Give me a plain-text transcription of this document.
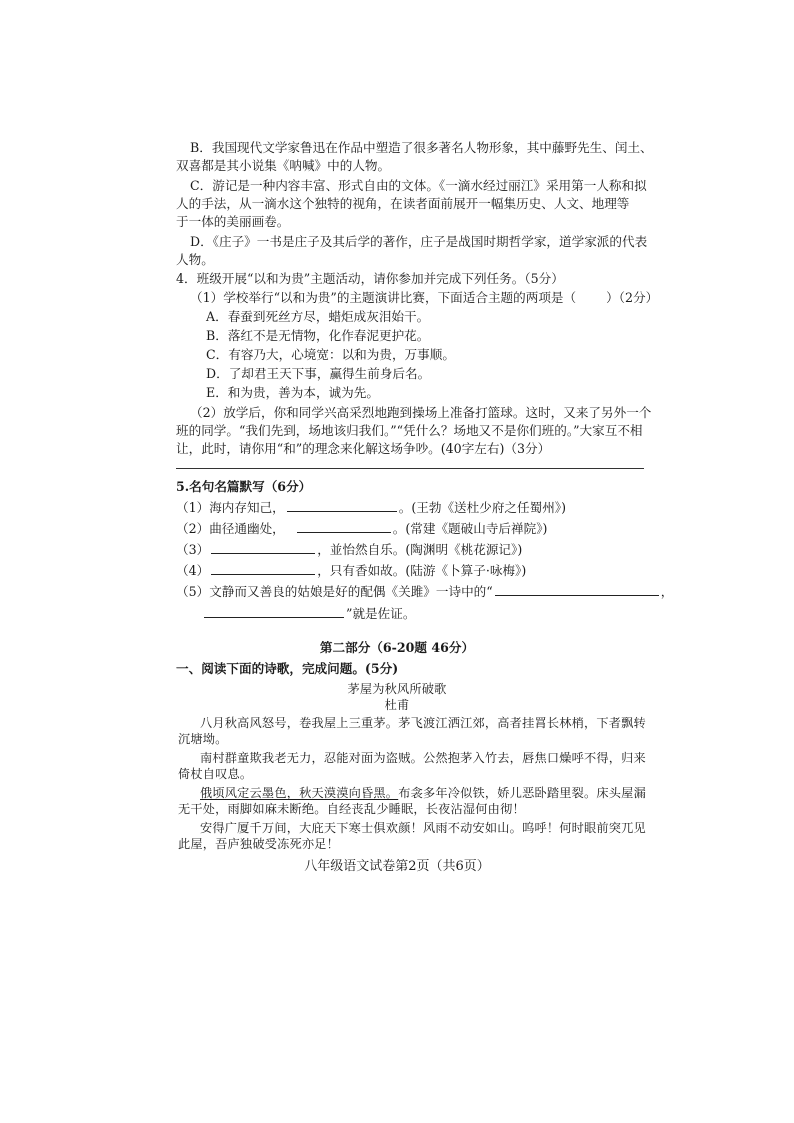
B．我国现代文学家鲁迅在作品中塑造了很多著名人物形象，其中藤野先生、闰土、
双喜都是其小说集《呐喊》中的人物。
C．游记是一种内容丰富、形式自由的文体。《一滴水经过丽江》采用第一人称和拟
人的手法，从一滴水这个独特的视角，在读者面前展开一幅集历史、人文、地理等
于一体的美丽画卷。
D．《庄子》一书是庄子及其后学的著作，庄子是战国时期哲学家，道学家派的代表
人物。
4．班级开展“以和为贵”主题活动，请你参加并完成下列任务。（5分）
（1）学校举行“以和为贵”的主题演讲比赛，下面适合主题的两项是（ ）（2分）
A．春蚕到死丝方尽，蜡炬成灰泪始干。
B．落红不是无情物，化作春泥更护花。
C．有容乃大，心境宽：以和为贵，万事顺。
D．了却君王天下事，赢得生前身后名。
E．和为贵，善为本，诚为先。
（2）放学后，你和同学兴高采烈地跑到操场上准备打篮球。这时，又来了另外一个
班的同学。“我们先到，场地该归我们。”“凭什么？场地又不是你们班的。”大家互不相
让，此时，请你用“和”的理念来化解这场争吵。(40字左右)（3分）
5.名句名篇默写（6分）
（1）海内存知己，	。(王勃《送杜少府之任蜀州》)
（2）曲径通幽处，	。(常建《题破山寺后禅院》)
（3）	，並怡然自乐。(陶渊明《桃花源记》)
（4）	，只有香如故。(陆游《卜算子·咏梅》)
（5）文静而又善良的姑娘是好的配偶《关雎》一诗中的“	，
”就是佐证。
第二部分（6-20题 46分）
一、阅读下面的诗歌，完成问题。(5分)
茅屋为秋风所破歌
杜甫
八月秋高风怒号，卷我屋上三重茅。茅飞渡江洒江郊，高者挂罥长林梢，下者飘转
沉塘坳。
南村群童欺我老无力，忍能对面为盗贼。公然抱茅入竹去，唇焦口燥呼不得，归来
倚杖自叹息。
俄顷风定云墨色，秋天漠漠向昏黑。布衾多年冷似铁，娇儿恶卧踏里裂。床头屋漏
无干处，雨脚如麻未断绝。自经丧乱少睡眠，长夜沾湿何由彻！
安得广厦千万间，大庇天下寒士俱欢颜！风雨不动安如山。呜呼！何时眼前突兀见
此屋，吾庐独破受冻死亦足！
八年级语文试卷第2页（共6页）
